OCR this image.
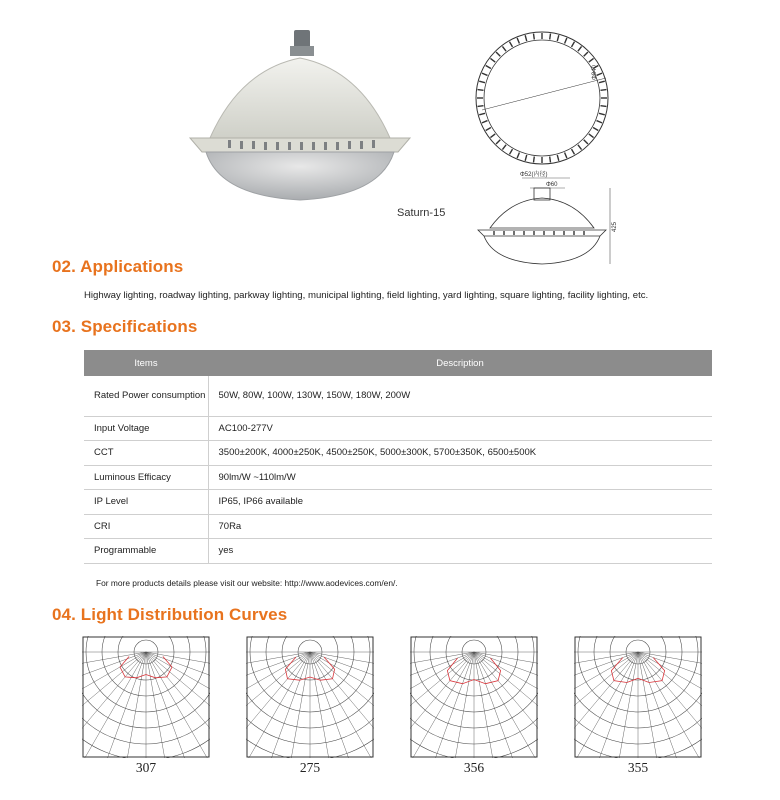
Saturn-15
Φ840
Φ52(内径)
Φ60
425
02. Applications
Highway lighting, roadway lighting, parkway lighting, municipal lighting, field lighting, yard lighting, square lighting, facility lighting, etc.
03. Specifications
Items	Description
Rated Power consumption	50W, 80W, 100W, 130W, 150W, 180W, 200W
Input Voltage	AC100-277V
CCT	3500±200K, 4000±250K, 4500±250K, 5000±300K, 5700±350K, 6500±500K
Luminous Efficacy	90lm/W ~110lm/W
IP Level	IP65, IP66 available
CRI	70Ra
Programmable	yes
For more products details please visit our website: http://www.aodevices.com/en/.
04. Light Distribution Curves
307	275	356	355
